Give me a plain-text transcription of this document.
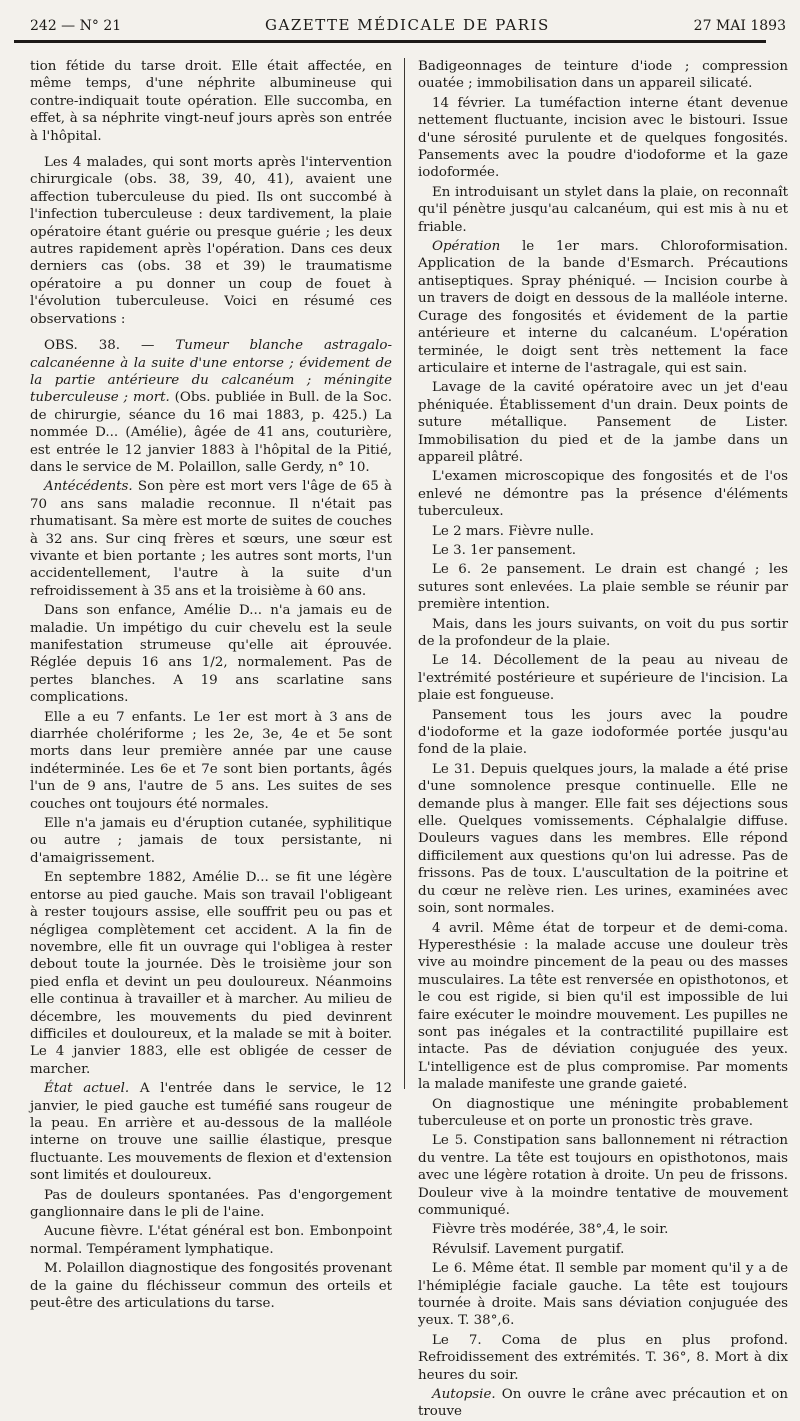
242 — N° 21	GAZETTE MÉDICALE DE PARIS	27 MAI 1893

tion fétide du tarse droit. Elle était affectée, en même temps, d'une néphrite albumineuse qui contre-indiquait toute opération. Elle succomba, en effet, à sa néphrite vingt-neuf jours après son entrée à l'hôpital.

Les 4 malades, qui sont morts après l'intervention chirurgicale (obs. 38, 39, 40, 41), avaient une affection tuberculeuse du pied. Ils ont succombé à l'infection tuberculeuse : deux tardivement, la plaie opératoire étant guérie ou presque guérie ; les deux autres rapidement après l'opération. Dans ces deux derniers cas (obs. 38 et 39) le traumatisme opératoire a pu donner un coup de fouet à l'évolution tuberculeuse. Voici en résumé ces observations :

OBS. 38. — Tumeur blanche astragalo-calcanéenne à la suite d'une entorse ; évidement de la partie antérieure du calcanéum ; méningite tuberculeuse ; mort. (Obs. publiée in Bull. de la Soc. de chirurgie, séance du 16 mai 1883, p. 425.) La nommée D... (Amélie), âgée de 41 ans, couturière, est entrée le 12 janvier 1883 à l'hôpital de la Pitié, dans le service de M. Polaillon, salle Gerdy, n° 10.

Antécédents. Son père est mort vers l'âge de 65 à 70 ans sans maladie reconnue. Il n'était pas rhumatisant. Sa mère est morte de suites de couches à 32 ans. Sur cinq frères et sœurs, une sœur est vivante et bien portante ; les autres sont morts, l'un accidentellement, l'autre à la suite d'un refroidissement à 35 ans et la troisième à 60 ans.

Dans son enfance, Amélie D... n'a jamais eu de maladie. Un impétigo du cuir chevelu est la seule manifestation strumeuse qu'elle ait éprouvée. Réglée depuis 16 ans 1/2, normalement. Pas de pertes blanches. A 19 ans scarlatine sans complications.

Elle a eu 7 enfants. Le 1er est mort à 3 ans de diarrhée cholériforme ; les 2e, 3e, 4e et 5e sont morts dans leur première année par une cause indéterminée. Les 6e et 7e sont bien portants, âgés l'un de 9 ans, l'autre de 5 ans. Les suites de ses couches ont toujours été normales.

Elle n'a jamais eu d'éruption cutanée, syphilitique ou autre ; jamais de toux persistante, ni d'amaigrissement.

En septembre 1882, Amélie D... se fit une légère entorse au pied gauche. Mais son travail l'obligeant à rester toujours assise, elle souffrit peu ou pas et négligea complètement cet accident. A la fin de novembre, elle fit un ouvrage qui l'obligea à rester debout toute la journée. Dès le troisième jour son pied enfla et devint un peu douloureux. Néanmoins elle continua à travailler et à marcher. Au milieu de décembre, les mouvements du pied devinrent difficiles et douloureux, et la malade se mit à boiter. Le 4 janvier 1883, elle est obligée de cesser de marcher.

État actuel. A l'entrée dans le service, le 12 janvier, le pied gauche est tuméfié sans rougeur de la peau. En arrière et au-dessous de la malléole interne on trouve une saillie élastique, presque fluctuante. Les mouvements de flexion et d'extension sont limités et douloureux.

Pas de douleurs spontanées. Pas d'engorgement ganglionnaire dans le pli de l'aine.

Aucune fièvre. L'état général est bon. Embonpoint normal. Tempérament lymphatique.

M. Polaillon diagnostique des fongosités provenant de la gaine du fléchisseur commun des orteils et peut-être des articulations du tarse.

Badigeonnages de teinture d'iode ; compression ouatée ; immobilisation dans un appareil silicaté.

14 février. La tuméfaction interne étant devenue nettement fluctuante, incision avec le bistouri. Issue d'une sérosité purulente et de quelques fongosités. Pansements avec la poudre d'iodoforme et la gaze iodoformée.

En introduisant un stylet dans la plaie, on reconnaît qu'il pénètre jusqu'au calcanéum, qui est mis à nu et friable.

Opération le 1er mars. Chloroformisation. Application de la bande d'Esmarch. Précautions antiseptiques. Spray phéniqué. — Incision courbe à un travers de doigt en dessous de la malléole interne. Curage des fongosités et évidement de la partie antérieure et interne du calcanéum. L'opération terminée, le doigt sent très nettement la face articulaire et interne de l'astragale, qui est sain.

Lavage de la cavité opératoire avec un jet d'eau phéniquée. Établissement d'un drain. Deux points de suture métallique. Pansement de Lister. Immobilisation du pied et de la jambe dans un appareil plâtré.

L'examen microscopique des fongosités et de l'os enlevé ne démontre pas la présence d'éléments tuberculeux.

Le 2 mars. Fièvre nulle.

Le 3. 1er pansement.

Le 6. 2e pansement. Le drain est changé ; les sutures sont enlevées. La plaie semble se réunir par première intention.

Mais, dans les jours suivants, on voit du pus sortir de la profondeur de la plaie.

Le 14. Décollement de la peau au niveau de l'extrémité postérieure et supérieure de l'incision. La plaie est fongueuse.

Pansement tous les jours avec la poudre d'iodoforme et la gaze iodoformée portée jusqu'au fond de la plaie.

Le 31. Depuis quelques jours, la malade a été prise d'une somnolence presque continuelle. Elle ne demande plus à manger. Elle fait ses déjections sous elle. Quelques vomissements. Céphalalgie diffuse. Douleurs vagues dans les membres. Elle répond difficilement aux questions qu'on lui adresse. Pas de frissons. Pas de toux. L'auscultation de la poitrine et du cœur ne relève rien. Les urines, examinées avec soin, sont normales.

4 avril. Même état de torpeur et de demi-coma. Hyperesthésie : la malade accuse une douleur très vive au moindre pincement de la peau ou des masses musculaires. La tête est renversée en opisthotonos, et le cou est rigide, si bien qu'il est impossible de lui faire exécuter le moindre mouvement. Les pupilles ne sont pas inégales et la contractilité pupillaire est intacte. Pas de déviation conjuguée des yeux. L'intelligence est de plus compromise. Par moments la malade manifeste une grande gaieté.

On diagnostique une méningite probablement tuberculeuse et on porte un pronostic très grave.

Le 5. Constipation sans ballonnement ni rétraction du ventre. La tête est toujours en opisthotonos, mais avec une légère rotation à droite. Un peu de frissons. Douleur vive à la moindre tentative de mouvement communiqué.

Fièvre très modérée, 38°,4, le soir.

Révulsif. Lavement purgatif.

Le 6. Même état. Il semble par moment qu'il y a de l'hémiplégie faciale gauche. La tête est toujours tournée à droite. Mais sans déviation conjuguée des yeux. T. 38°,6.

Le 7. Coma de plus en plus profond. Refroidissement des extrémités. T. 36°, 8. Mort à dix heures du soir.

Autopsie. On ouvre le crâne avec précaution et on trouve
